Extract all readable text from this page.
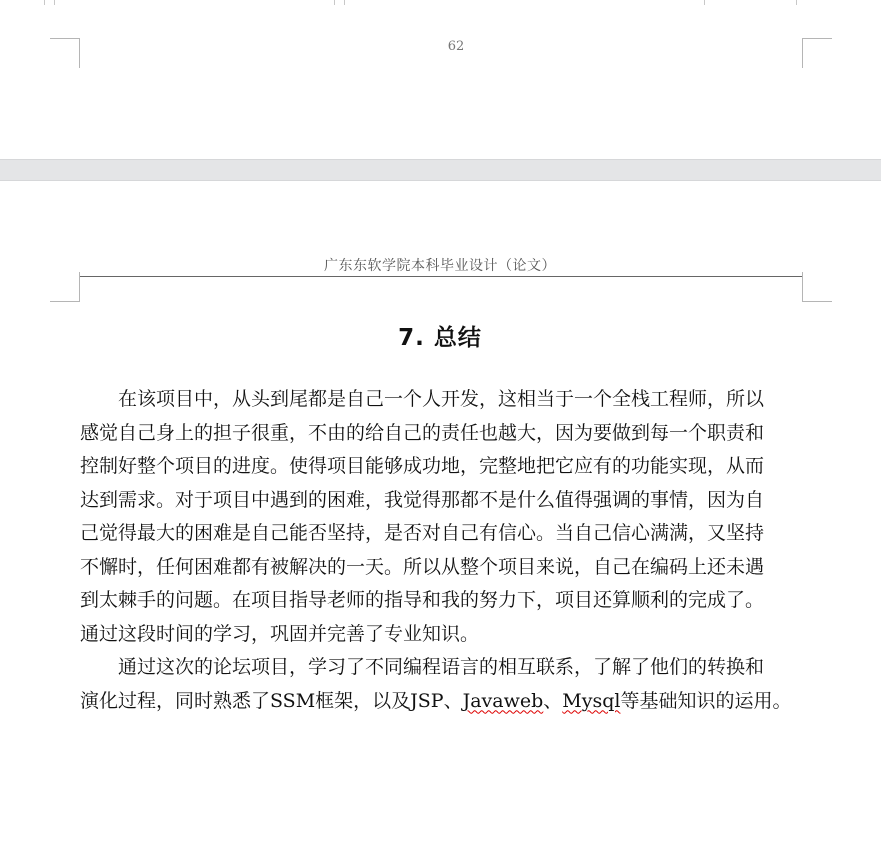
62
广东东软学院本科毕业设计（论文）
7. 总结

在该项目中，从头到尾都是自己一个人开发，这相当于一个全栈工程师，所以
感觉自己身上的担子很重，不由的给自己的责任也越大，因为要做到每一个职责和
控制好整个项目的进度。使得项目能够成功地，完整地把它应有的功能实现，从而
达到需求。对于项目中遇到的困难，我觉得那都不是什么值得强调的事情，因为自
己觉得最大的困难是自己能否坚持，是否对自己有信心。当自己信心满满，又坚持
不懈时，任何困难都有被解决的一天。所以从整个项目来说，自己在编码上还未遇
到太棘手的问题。在项目指导老师的指导和我的努力下，项目还算顺利的完成了。
通过这段时间的学习，巩固并完善了专业知识。

通过这次的论坛项目，学习了不同编程语言的相互联系，了解了他们的转换和
演化过程，同时熟悉了SSM框架，以及JSP、Javaweb、Mysql等基础知识的运用。
